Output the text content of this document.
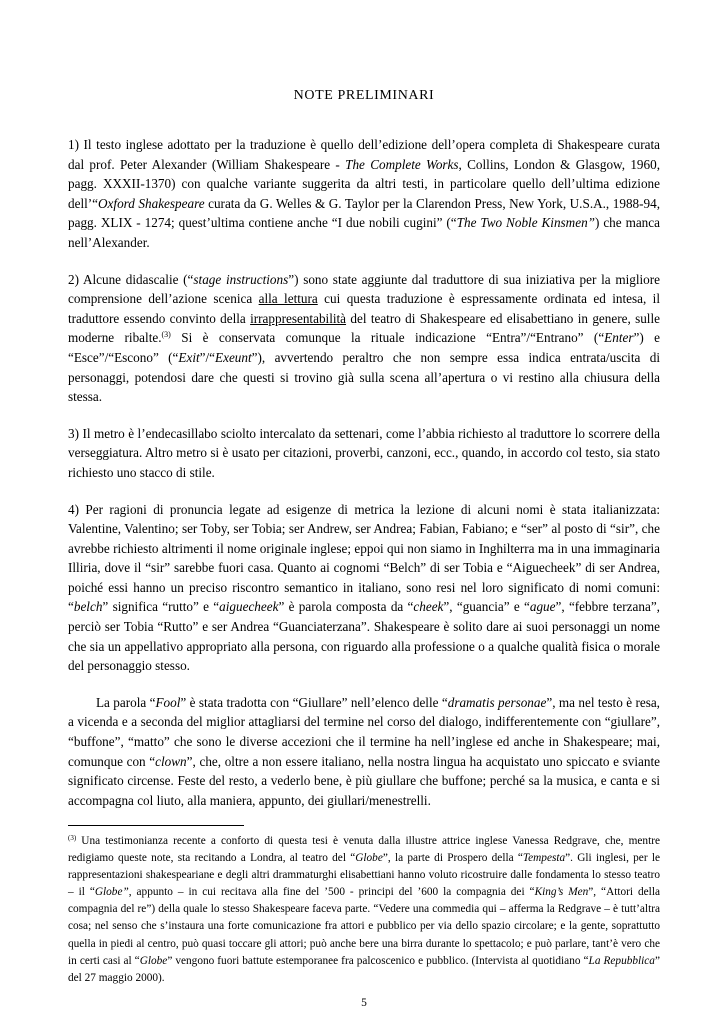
NOTE PRELIMINARI

1) Il testo inglese adottato per la traduzione è quello dell’edizione dell’opera completa di Shakespeare curata dal prof. Peter Alexander (William Shakespeare - The Complete Works, Collins, London & Glasgow, 1960, pagg. XXXII-1370) con qualche variante suggerita da altri testi, in particolare quello dell’ultima edizione dell’“Oxford Shakespeare curata da G. Welles & G. Taylor per la Clarendon Press, New York, U.S.A., 1988-94, pagg. XLIX - 1274; quest’ultima contiene anche “I due nobili cugini” (“The Two Noble Kinsmen”) che manca nell’Alexander.

2) Alcune didascalie (“stage instructions”) sono state aggiunte dal traduttore di sua iniziativa per la migliore comprensione dell’azione scenica alla lettura cui questa traduzione è espressamente ordinata ed intesa, il traduttore essendo convinto della irrappresentabilità del teatro di Shakespeare ed elisabettiano in genere, sulle moderne ribalte.$^{(3)}$ Si è conservata comunque la rituale indicazione “Entra”/“Entrano” (“Enter”) e “Esce”/“Escono” (“Exit”/“Exeunt”), avvertendo peraltro che non sempre essa indica entrata/uscita di personaggi, potendosi dare che questi si trovino già sulla scena all’apertura o vi restino alla chiusura della stessa.

3) Il metro è l’endecasillabo sciolto intercalato da settenari, come l’abbia richiesto al traduttore lo scorrere della verseggiatura. Altro metro si è usato per citazioni, proverbi, canzoni, ecc., quando, in accordo col testo, sia stato richiesto uno stacco di stile.

4) Per ragioni di pronuncia legate ad esigenze di metrica la lezione di alcuni nomi è stata italianizzata: Valentine, Valentino; ser Toby, ser Tobia; ser Andrew, ser Andrea; Fabian, Fabiano; e “ser” al posto di “sir”, che avrebbe richiesto altrimenti il nome originale inglese; eppoi qui non siamo in Inghilterra ma in una immaginaria Illiria, dove il “sir” sarebbe fuori casa. Quanto ai cognomi “Belch” di ser Tobia e “Aiguecheek” di ser Andrea, poiché essi hanno un preciso riscontro semantico in italiano, sono resi nel loro significato di nomi comuni: “belch” significa “rutto” e “aiguecheek” è parola composta da “cheek”, “guancia” e “ague”, “febbre terzana”, perciò ser Tobia “Rutto” e ser Andrea “Guanciaterzana”. Shakespeare è solito dare ai suoi personaggi un nome che sia un appellativo appropriato alla persona, con riguardo alla professione o a qualche qualità fisica o morale del personaggio stesso.

La parola “Fool” è stata tradotta con “Giullare” nell’elenco delle “dramatis personae”, ma nel testo è resa, a vicenda e a seconda del miglior attagliarsi del termine nel corso del dialogo, indifferentemente con “giullare”, “buffone”, “matto” che sono le diverse accezioni che il termine ha nell’inglese ed anche in Shakespeare; mai, comunque con “clown”, che, oltre a non essere italiano, nella nostra lingua ha acquistato uno spiccato e sviante significato circense. Feste del resto, a vederlo bene, è più giullare che buffone; perché sa la musica, e canta e si accompagna col liuto, alla maniera, appunto, dei giullari/menestrelli.

$^{(3)}$ Una testimonianza recente a conforto di questa tesi è venuta dalla illustre attrice inglese Vanessa Redgrave, che, mentre redigiamo queste note, sta recitando a Londra, al teatro del “Globe”, la parte di Prospero della “Tempesta”. Gli inglesi, per le rappresentazioni shakespeariane e degli altri drammaturghi elisabettiani hanno voluto ricostruire dalle fondamenta lo stesso teatro – il “Globe”, appunto – in cui recitava alla fine del ’500 - principi del ’600 la compagnia dei “King’s Men”, “Attori della compagnia del re”) della quale lo stesso Shakespeare faceva parte. “Vedere una commedia qui – afferma la Redgrave – è tutt’altra cosa; nel senso che s’instaura una forte comunicazione fra attori e pubblico per via dello spazio circolare; e la gente, soprattutto quella in piedi al centro, può quasi toccare gli attori; può anche bere una birra durante lo spettacolo; e può parlare, tant’è vero che in certi casi al “Globe” vengono fuori battute estemporanee fra palcoscenico e pubblico. (Intervista al quotidiano “La Repubblica” del 27 maggio 2000).

5
